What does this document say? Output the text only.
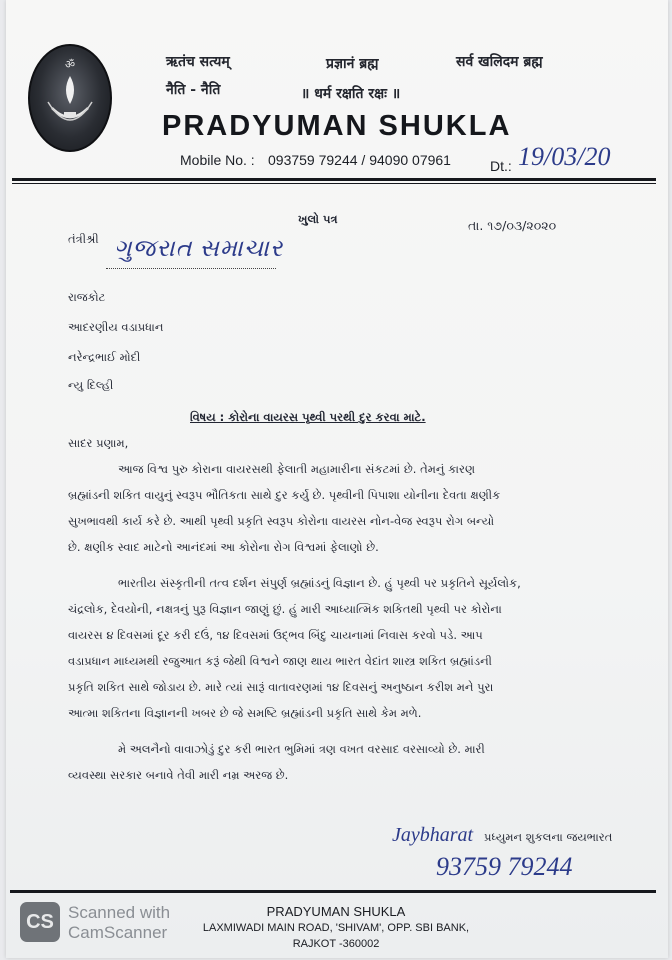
ॐ	ऋतंच सत्यम्	प्रज्ञानं ब्रह्म	सर्व खलिदम ब्रह्म
नैति - नैति	॥ धर्म रक्षति रक्षः ॥
PRADYUMAN SHUKLA
Mobile No. : 093759 79244 / 94090 07961	Dt.: 19/03/20
ખુલો પત્ર	તા. ૧૭/૦૩/૨૦૨૦
તંત્રીશ્રી ગુજરાત સમાચાર
રાજકોટ
આદરણીય વડાપ્રધાન
નરેન્દ્રભાઈ મોદી
ન્યુ દિલ્હી
વિષય : કોરોના વાયરસ પૃથ્વી પરથી દુર કરવા માટે.
સાદર પ્રણામ,
આજ વિશ્વ પુરુ કોરાના વાયરસથી ફેલાતી મહામારીના સંકટમાં છે. તેમનું કારણ
બ્રહ્માંડની શકિત વાયુનું સ્વરૂપ ભૌતિકતા સાથે દુર કર્યુ છે. પૃથ્વીની પિપાશા યોનીના દેવતા ક્ષણીક
સુખભાવથી કાર્ય કરે છે. આથી પૃથ્વી પ્રકૃતિ સ્વરૂપ કોરોના વાયરસ નોન-વેજ સ્વરૂપ રોગ બન્યો
છે. ક્ષણીક સ્વાદ માટેનો આનંદમાં આ કોરોના રોગ વિશ્વમાં ફેલાણો છે.
ભારતીય સંસ્કૃતીની તત્વ દર્શન સંપુર્ણ બ્રહ્માંડનું વિજ્ઞાન છે. હું પૃથ્વી પર પ્રકૃતિને સૂર્યલોક,
ચંદ્રલોક, દેવયોની, નક્ષત્રનું પુરૂ વિજ્ઞાન જાણું છું. હું મારી આધ્યાત્મિક શકિતથી પૃથ્વી પર કોરોના
વાયરસ ૪ દિવસમાં દૂર કરી દઉં, ૧૪ દિવસમાં ઉદ્ભવ બિંદુ ચાયનામાં નિવાસ કરવો પડે. આપ
વડાપ્રધાન માધ્યમથી રજુઆત કરૂં જેથી વિશ્વને જાણ થાય ભારત વેદાંત શાસ્ત્ર શકિત બ્રહ્માંડની
પ્રકૃતિ શકિત સાથે જોડાય છે. મારે ત્યાં સારૂં વાતાવરણમાં ૧૪ દિવસનું અનુષ્ઠાન કરીશ મને પુરા
આત્મા શકિતના વિજ્ઞાનની ખબર છે જે સમષ્ટિ બ્રહ્માંડની પ્રકૃતિ સાથે કેમ મળે.
મે અલનૈનો વાવાઝોડું દુર કરી ભારત ભુમિમાં ત્રણ વખત વરસાદ વરસાવ્યો છે. મારી
વ્યવસ્થા સરકાર બનાવે તેવી મારી નમ્ર અરજ છે.
Jaybharat પ્રધ્યુમન શુકલના જયભારત
93759 79244
PRADYUMAN SHUKLA
LAXMIWADI MAIN ROAD, 'SHIVAM', OPP. SBI BANK,
RAJKOT -360002
CS Scanned with
CamScanner
